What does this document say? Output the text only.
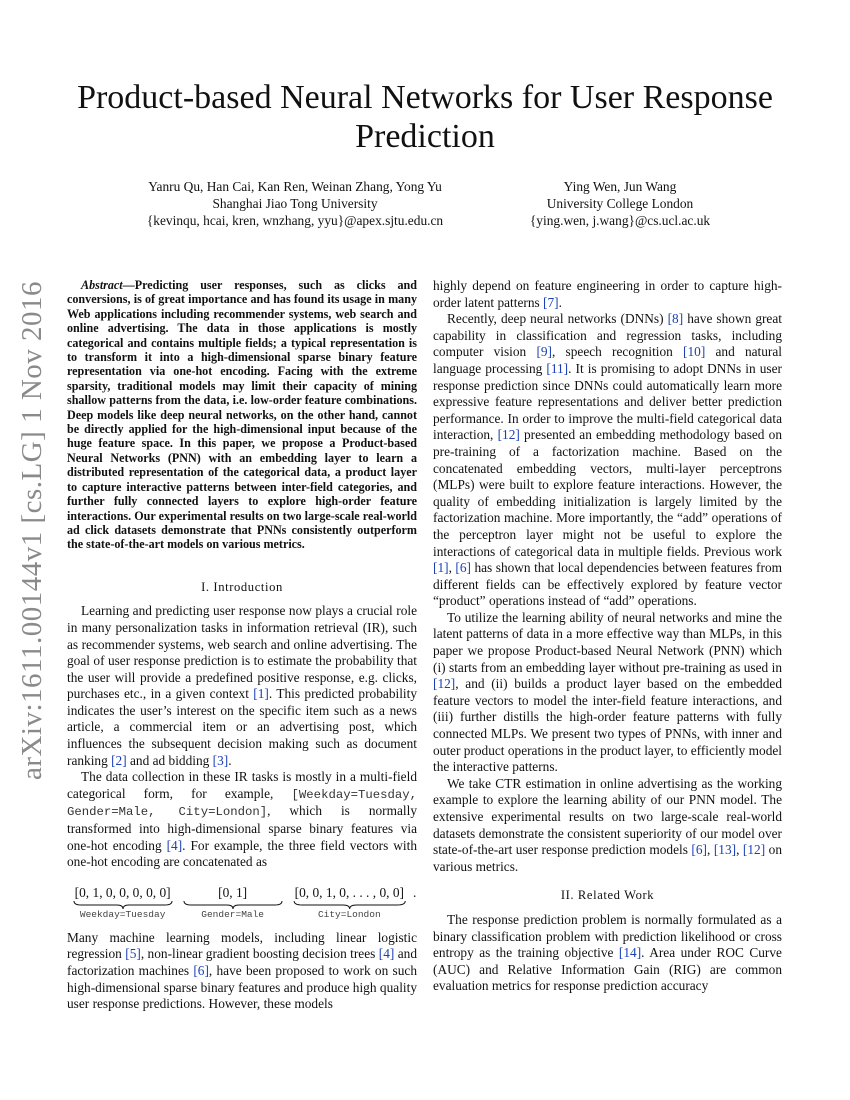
arXiv:1611.00144v1 [cs.LG] 1 Nov 2016
Product-based Neural Networks for User Response Prediction
Yanru Qu, Han Cai, Kan Ren, Weinan Zhang, Yong Yu
Shanghai Jiao Tong University
{kevinqu, hcai, kren, wnzhang, yyu}@apex.sjtu.edu.cn
Ying Wen, Jun Wang
University College London
{ying.wen, j.wang}@cs.ucl.ac.uk

Abstract—Predicting user responses, such as clicks and conversions, is of great importance and has found its usage in many Web applications including recommender systems, web search and online advertising. The data in those applications is mostly categorical and contains multiple fields; a typical representation is to transform it into a high-dimensional sparse binary feature representation via one-hot encoding. Facing with the extreme sparsity, traditional models may limit their capacity of mining shallow patterns from the data, i.e. low-order feature combinations. Deep models like deep neural networks, on the other hand, cannot be directly applied for the high-dimensional input because of the huge feature space. In this paper, we propose a Product-based Neural Networks (PNN) with an embedding layer to learn a distributed representation of the categorical data, a product layer to capture interactive patterns between inter-field categories, and further fully connected layers to explore high-order feature interactions. Our experimental results on two large-scale real-world ad click datasets demonstrate that PNNs consistently outperform the state-of-the-art models on various metrics.

I. Introduction

Learning and predicting user response now plays a crucial role in many personalization tasks in information retrieval (IR), such as recommender systems, web search and online advertising. The goal of user response prediction is to estimate the probability that the user will provide a predefined positive response, e.g. clicks, purchases etc., in a given context [1]. This predicted probability indicates the user’s interest on the specific item such as a news article, a commercial item or an advertising post, which influences the subsequent decision making such as document ranking [2] and ad bidding [3].

The data collection in these IR tasks is mostly in a multi-field categorical form, for example, [Weekday=Tuesday, Gender=Male, City=London], which is normally transformed into high-dimensional sparse binary features via one-hot encoding [4]. For example, the three field vectors with one-hot encoding are concatenated as

[0, 1, 0, 0, 0, 0, 0]
Weekday=Tuesday
[0, 1]
Gender=Male
[0, 0, 1, 0, . . . , 0, 0]
City=London
.

Many machine learning models, including linear logistic regression [5], non-linear gradient boosting decision trees [4] and factorization machines [6], have been proposed to work on such high-dimensional sparse binary features and produce high quality user response predictions. However, these models

highly depend on feature engineering in order to capture high-order latent patterns [7].

Recently, deep neural networks (DNNs) [8] have shown great capability in classification and regression tasks, including computer vision [9], speech recognition [10] and natural language processing [11]. It is promising to adopt DNNs in user response prediction since DNNs could automatically learn more expressive feature representations and deliver better prediction performance. In order to improve the multi-field categorical data interaction, [12] presented an embedding methodology based on pre-training of a factorization machine. Based on the concatenated embedding vectors, multi-layer perceptrons (MLPs) were built to explore feature interactions. However, the quality of embedding initialization is largely limited by the factorization machine. More importantly, the “add” operations of the perceptron layer might not be useful to explore the interactions of categorical data in multiple fields. Previous work [1], [6] has shown that local dependencies between features from different fields can be effectively explored by feature vector “product” operations instead of “add” operations.

To utilize the learning ability of neural networks and mine the latent patterns of data in a more effective way than MLPs, in this paper we propose Product-based Neural Network (PNN) which (i) starts from an embedding layer without pre-training as used in [12], and (ii) builds a product layer based on the embedded feature vectors to model the inter-field feature interactions, and (iii) further distills the high-order feature patterns with fully connected MLPs. We present two types of PNNs, with inner and outer product operations in the product layer, to efficiently model the interactive patterns.

We take CTR estimation in online advertising as the working example to explore the learning ability of our PNN model. The extensive experimental results on two large-scale real-world datasets demonstrate the consistent superiority of our model over state-of-the-art user response prediction models [6], [13], [12] on various metrics.

II. Related Work

The response prediction problem is normally formulated as a binary classification problem with prediction likelihood or cross entropy as the training objective [14]. Area under ROC Curve (AUC) and Relative Information Gain (RIG) are common evaluation metrics for response prediction accuracy
